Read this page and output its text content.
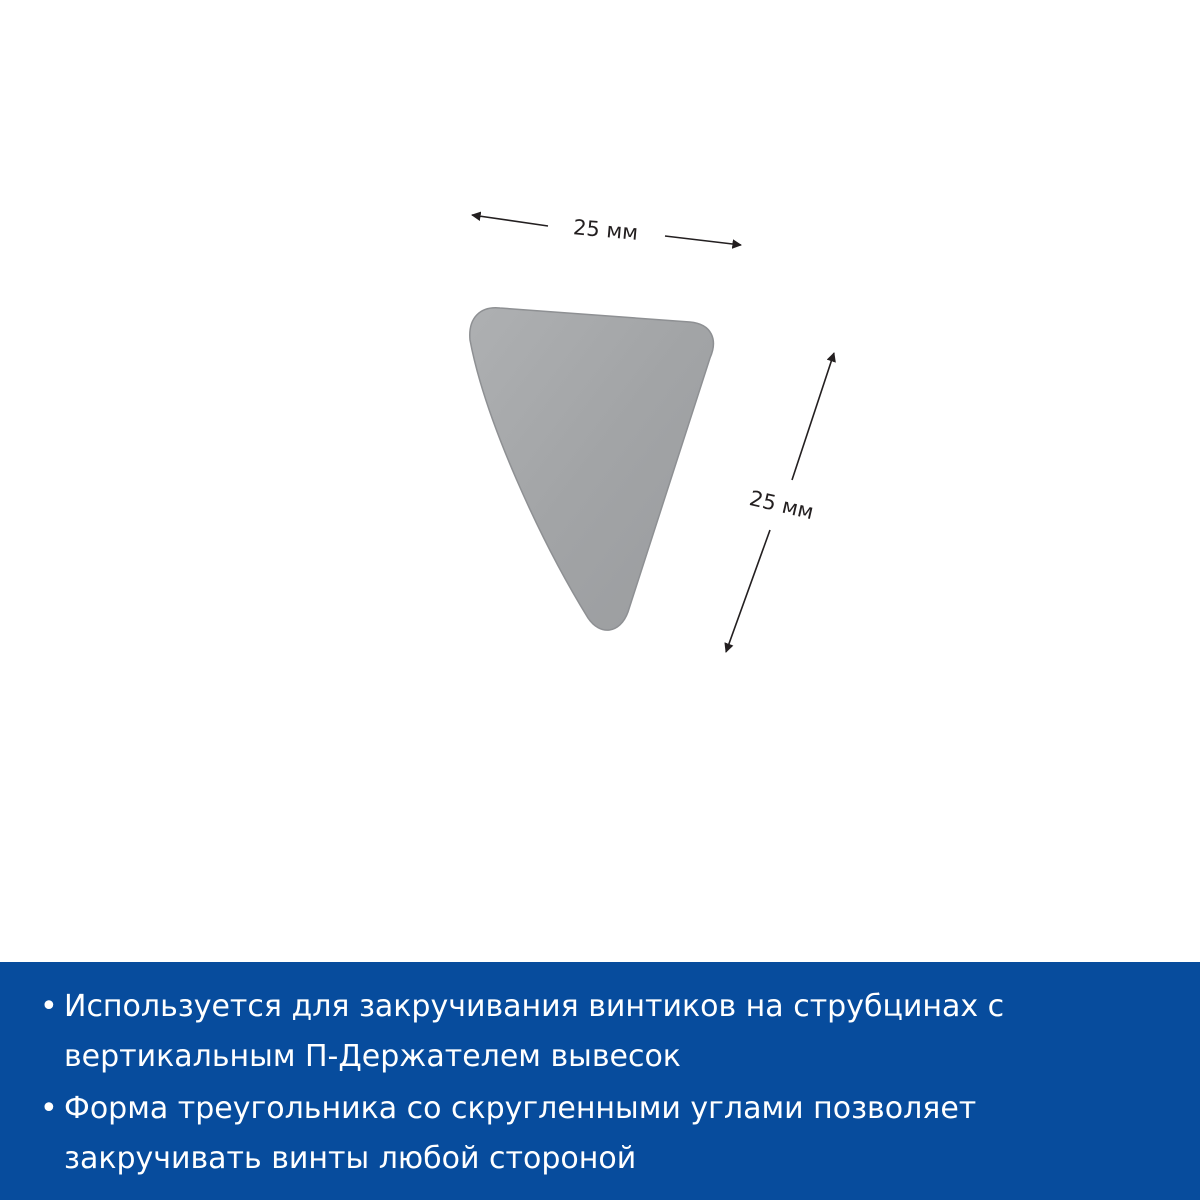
25 мм
25 мм
• Используется для закручивания винтиков на струбцинах с вертикальным П-Держателем вывесок
• Форма треугольника со скругленными углами позволяет закручивать винты любой стороной
